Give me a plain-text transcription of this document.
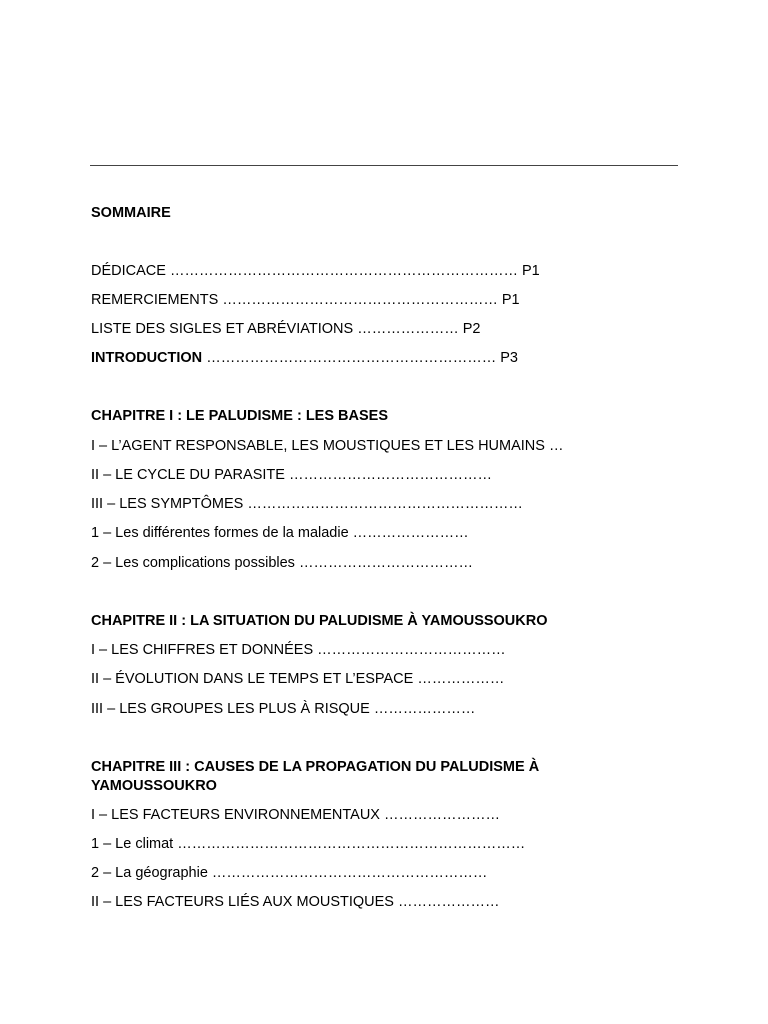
SOMMAIRE
DÉDICACE ……………………………………………………………… P1
REMERCIEMENTS ………………………………………………… P1
LISTE DES SIGLES ET ABRÉVIATIONS ………………… P2
INTRODUCTION …………………………………………………… P3
CHAPITRE I : LE PALUDISME : LES BASES
I – L’AGENT RESPONSABLE, LES MOUSTIQUES ET LES HUMAINS …
II – LE CYCLE DU PARASITE ……………………………………
III – LES SYMPTÔMES …………………………………………………
1 – Les différentes formes de la maladie ……………………
2 – Les complications possibles ………………………………
CHAPITRE II : LA SITUATION DU PALUDISME À YAMOUSSOUKRO
I – LES CHIFFRES ET DONNÉES …………………………………
II – ÉVOLUTION DANS LE TEMPS ET L’ESPACE ………………
III – LES GROUPES LES PLUS À RISQUE …………………
CHAPITRE III : CAUSES DE LA PROPAGATION DU PALUDISME À YAMOUSSOUKRO
I – LES FACTEURS ENVIRONNEMENTAUX ……………………
1 – Le climat ………………………………………………………………
2 – La géographie …………………………………………………
II – LES FACTEURS LIÉS AUX MOUSTIQUES …………………
